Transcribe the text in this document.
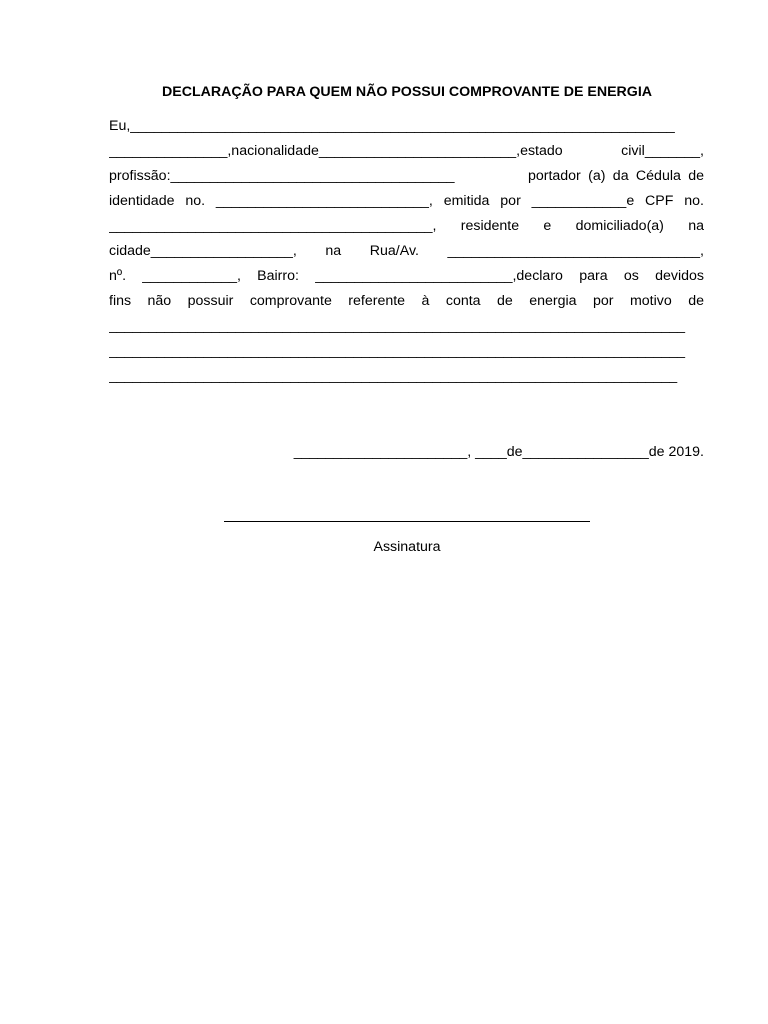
DECLARAÇÃO PARA QUEM NÃO POSSUI COMPROVANTE DE ENERGIA
Eu,_____________________________________________________________________
_______________,nacionalidade_________________________,estado civil_______,
profissão:____________________________________          portador (a) da Cédula de
identidade no. ___________________________, emitida por ____________e CPF no.
_________________________________________, residente e domiciliado(a) na
cidade__________________, na Rua/Av. ________________________________,
nº. ____________, Bairro: _________________________,declaro para os devidos
fins não possuir comprovante referente à conta de energia por motivo de
_________________________________________________________________________
_________________________________________________________________________
________________________________________________________________________
______________________, ____de________________de 2019.
Assinatura
